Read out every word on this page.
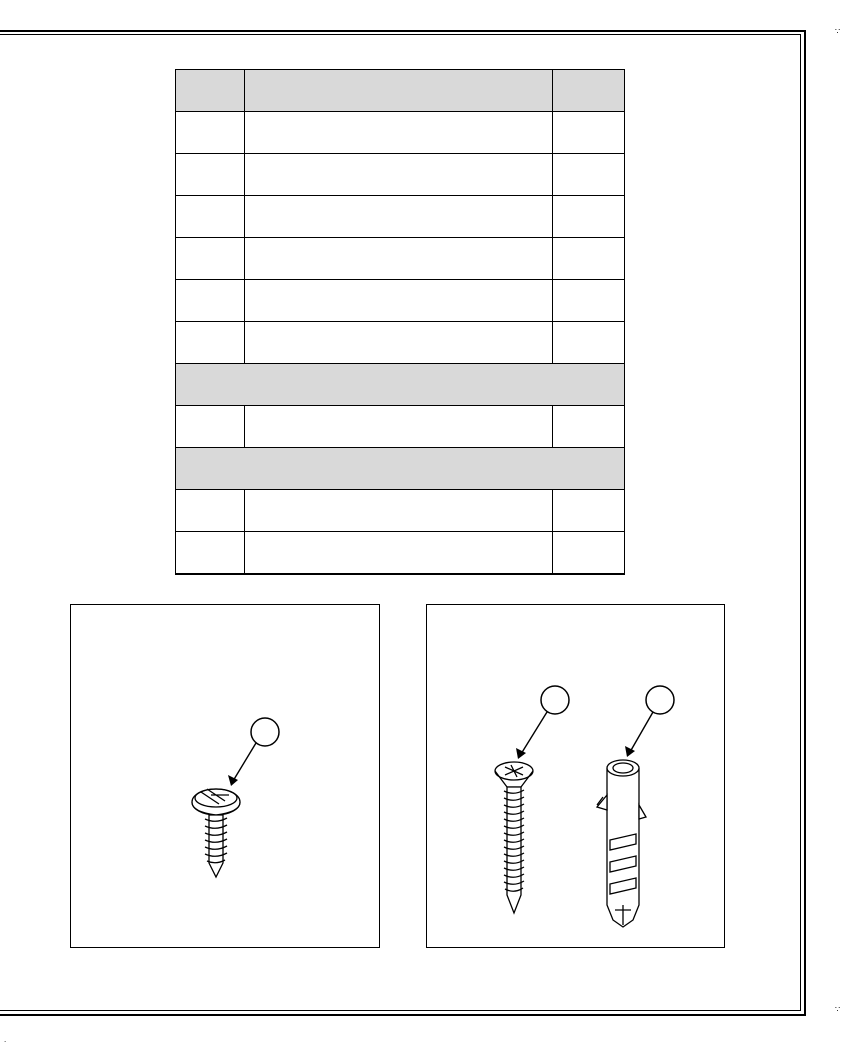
∵
∵
.
